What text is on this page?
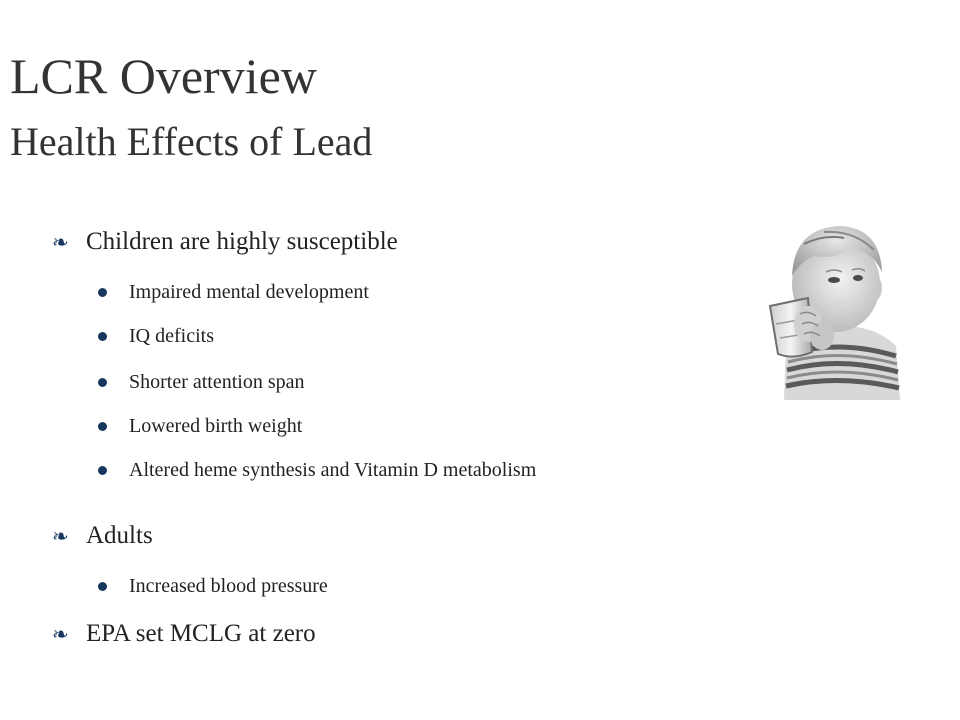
LCR Overview
Health Effects of Lead
❧ Children are highly susceptible
Impaired mental development
IQ deficits
Shorter attention span
Lowered birth weight
Altered heme synthesis and Vitamin D metabolism
❧ Adults
Increased blood pressure
❧ EPA set MCLG at zero
